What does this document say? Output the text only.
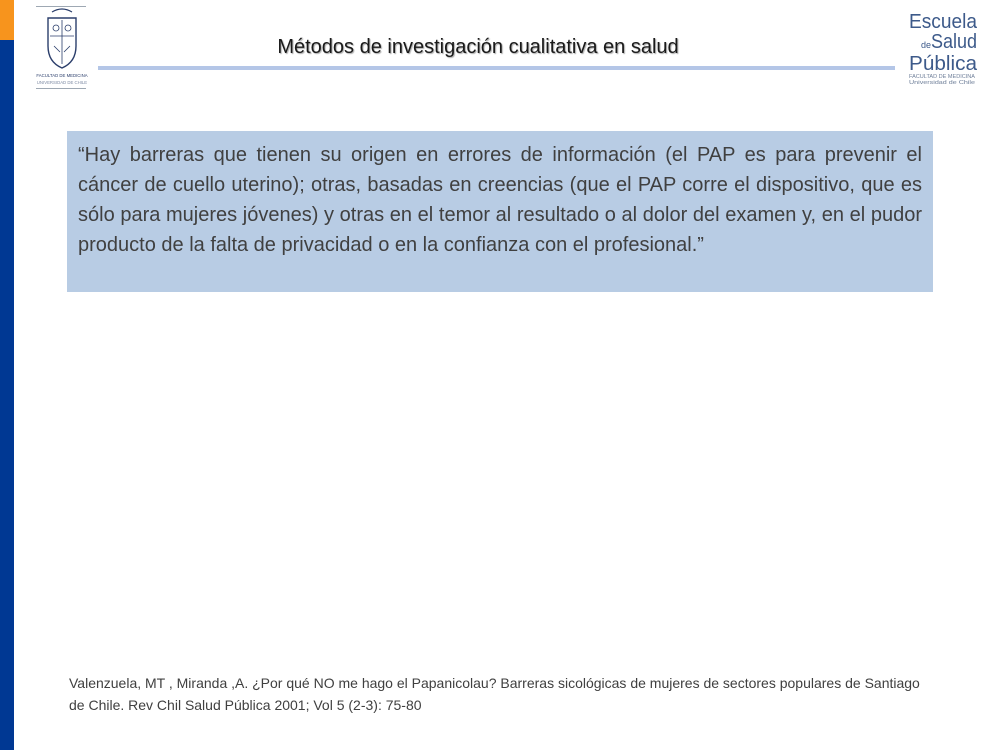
FACULTAD DE MEDICINA
UNIVERSIDAD DE CHILE
Métodos de investigación cualitativa en salud
Escuela
de Salud
Pública
FACULTAD DE MEDICINA
Universidad de Chile

“Hay barreras que tienen su origen en errores de información (el PAP es para prevenir el cáncer de cuello uterino); otras, basadas en creencias (que el PAP corre el dispositivo, que es sólo para mujeres jóvenes) y otras en el temor al resultado o al dolor del examen y, en el pudor producto de la falta de privacidad o en la confianza con el profesional.”

Valenzuela, MT , Miranda ,A. ¿Por qué NO me hago el Papanicolau? Barreras sicológicas de mujeres de sectores populares de Santiago de Chile. Rev Chil Salud Pública 2001; Vol 5 (2-3): 75-80
